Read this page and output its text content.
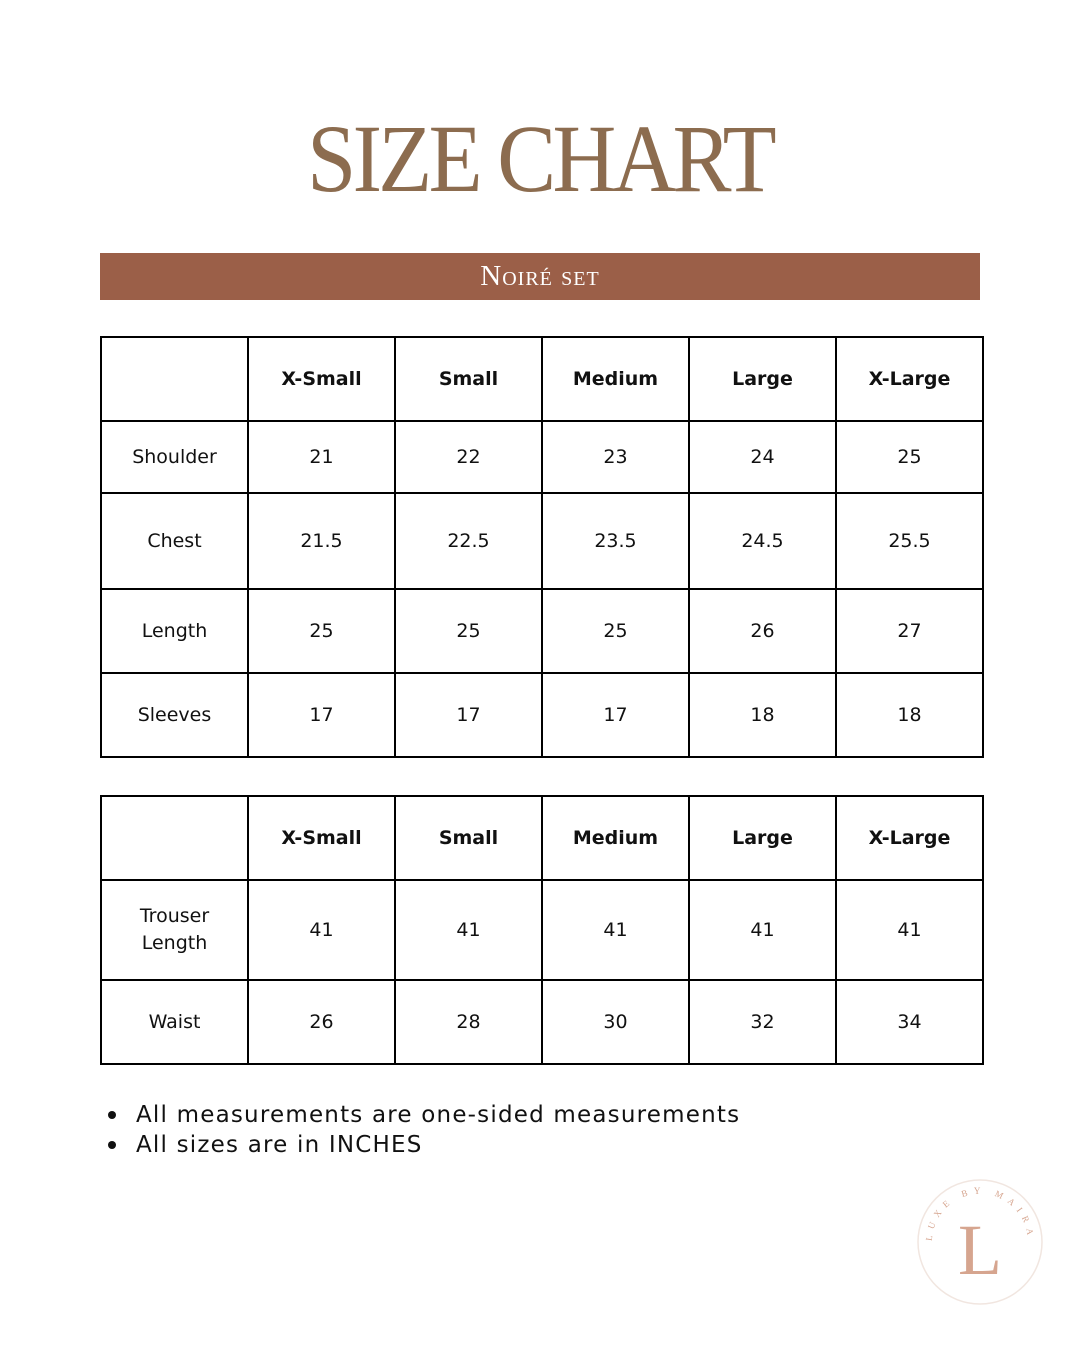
SIZE CHART
Noiré set
	X-Small	Small	Medium	Large	X-Large
Shoulder	21	22	23	24	25
Chest	21.5	22.5	23.5	24.5	25.5
Length	25	25	25	26	27
Sleeves	17	17	17	18	18
	X-Small	Small	Medium	Large	X-Large
Trouser Length	41	41	41	41	41
Waist	26	28	30	32	34
All measurements are one-sided measurements
All sizes are in INCHES
LUXE BY MAIRA
L
